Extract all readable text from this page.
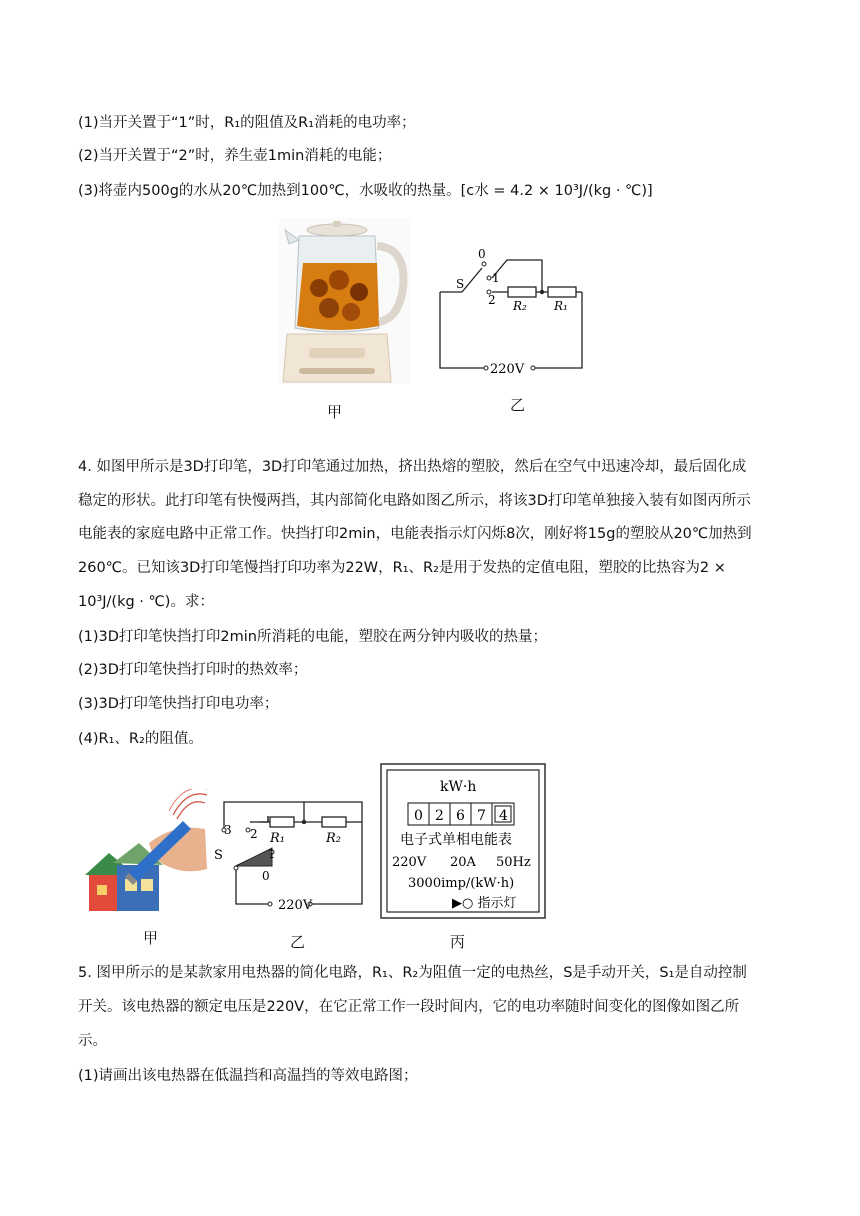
(1)当开关置于“1”时，R₁的阻值及R₁消耗的电功率；
(2)当开关置于“2”时，养生壶1min消耗的电能；
(3)将壶内500g的水从20℃加热到100℃，水吸收的热量。[c水 = 4.2 × 10³J/(kg · ℃)]
甲
0
1
2
S
R₂ R₁
220V
乙
4. 如图甲所示是3D打印笔，3D打印笔通过加热，挤出热熔的塑胶，然后在空气中迅速冷却，最后固化成
稳定的形状。此打印笔有快慢两挡，其内部简化电路如图乙所示，将该3D打印笔单独接入装有如图丙所示
电能表的家庭电路中正常工作。快挡打印2min，电能表指示灯闪烁8次，刚好将15g的塑胶从20℃加热到
260℃。已知该3D打印笔慢挡打印功率为22W，R₁、R₂是用于发热的定值电阻，塑胶的比热容为2 ×
10³J/(kg · ℃)。求：
(1)3D打印笔快挡打印2min所消耗的电能，塑胶在两分钟内吸收的热量；
(2)3D打印笔快挡打印时的热效率；
(3)3D打印笔快挡打印电功率；
(4)R₁、R₂的阻值。
甲
3 2
1
0
S
R₁	R₂
220V
乙
kW·h
0 2 6 7 4
电子式单相电能表
220V 20A 50Hz
3000imp/(kW·h)
▶○ 指示灯
丙
5. 图甲所示的是某款家用电热器的简化电路，R₁、R₂为阻值一定的电热丝，S是手动开关，S₁是自动控制
开关。该电热器的额定电压是220V，在它正常工作一段时间内，它的电功率随时间变化的图像如图乙所
示。
(1)请画出该电热器在低温挡和高温挡的等效电路图；
